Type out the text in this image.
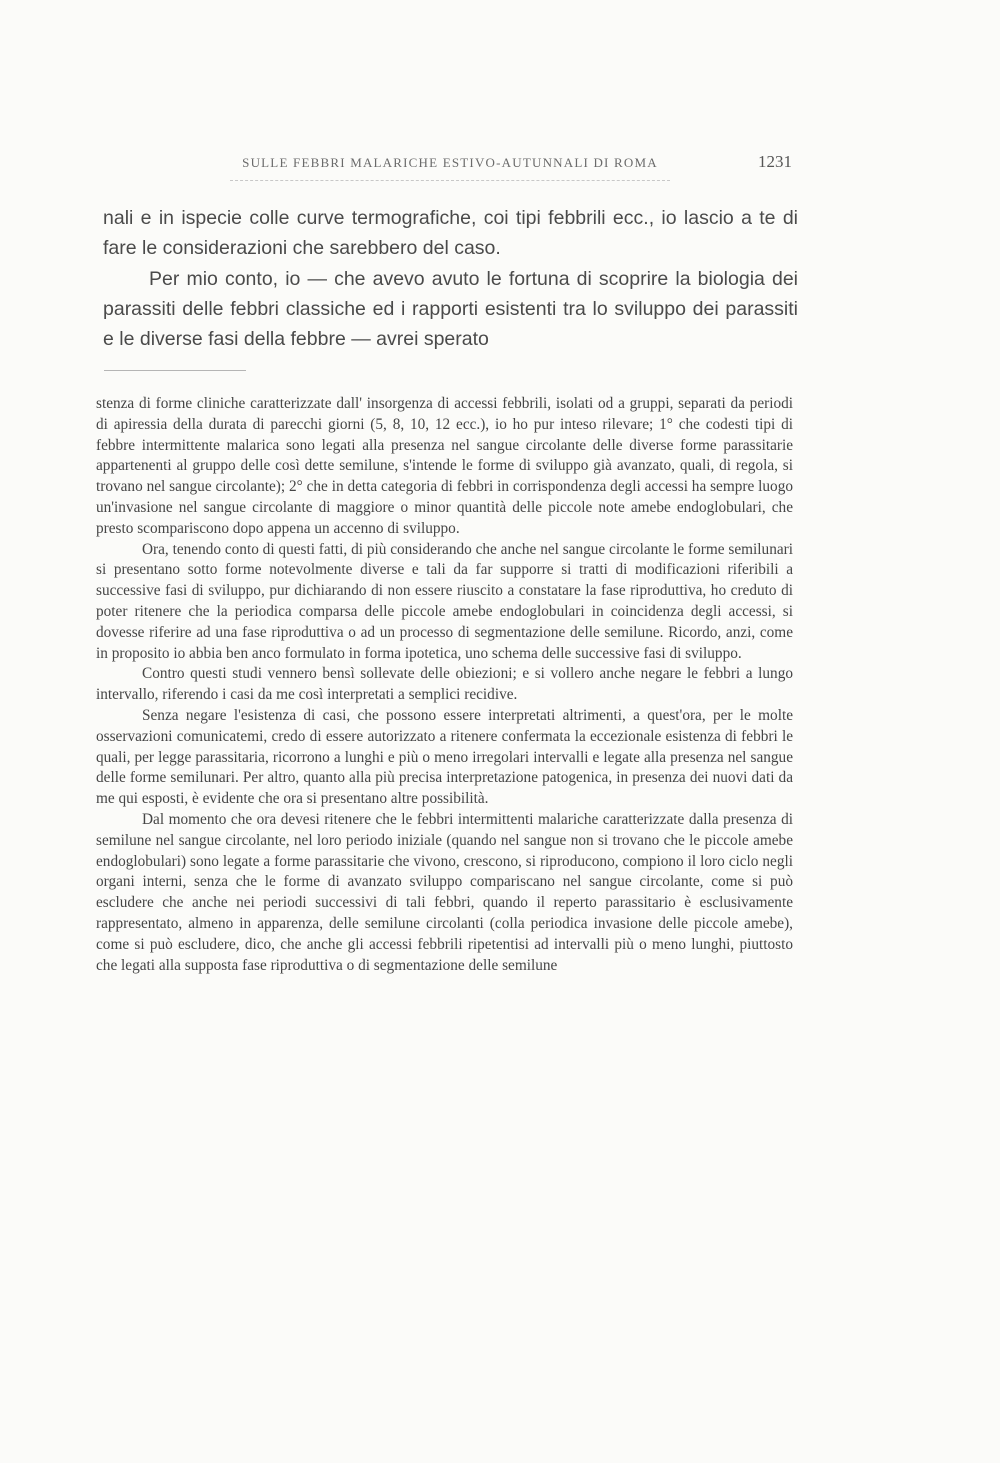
SULLE FEBBRI MALARICHE ESTIVO-AUTUNNALI DI ROMA	1231

nali e in ispecie colle curve termografiche, coi tipi febbrili ecc., io lascio a te di fare le considerazioni che sarebbero del caso.

Per mio conto, io — che avevo avuto le fortuna di scoprire la biologia dei parassiti delle febbri classiche ed i rapporti esistenti tra lo sviluppo dei parassiti e le diverse fasi della febbre — avrei sperato

stenza di forme cliniche caratterizzate dall' insorgenza di accessi febbrili, isolati od a gruppi, separati da periodi di apiressia della durata di parecchi giorni (5, 8, 10, 12 ecc.), io ho pur inteso rilevare; 1° che codesti tipi di febbre intermittente malarica sono legati alla presenza nel sangue circolante delle diverse forme parassitarie appartenenti al gruppo delle così dette semilune, s'intende le forme di sviluppo già avanzato, quali, di regola, si trovano nel sangue circolante); 2° che in detta categoria di febbri in corrispondenza degli accessi ha sempre luogo un'invasione nel sangue circolante di maggiore o minor quantità delle piccole note amebe endoglobulari, che presto scompariscono dopo appena un accenno di sviluppo.

Ora, tenendo conto di questi fatti, di più considerando che anche nel sangue circolante le forme semilunari si presentano sotto forme notevolmente diverse e tali da far supporre si tratti di modificazioni riferibili a successive fasi di sviluppo, pur dichiarando di non essere riuscito a constatare la fase riproduttiva, ho creduto di poter ritenere che la periodica comparsa delle piccole amebe endoglobulari in coincidenza degli accessi, si dovesse riferire ad una fase riproduttiva o ad un processo di segmentazione delle semilune. Ricordo, anzi, come in proposito io abbia ben anco formulato in forma ipotetica, uno schema delle successive fasi di sviluppo.

Contro questi studi vennero bensì sollevate delle obiezioni; e si vollero anche negare le febbri a lungo intervallo, riferendo i casi da me così interpretati a semplici recidive.

Senza negare l'esistenza di casi, che possono essere interpretati altrimenti, a quest'ora, per le molte osservazioni comunicatemi, credo di essere autorizzato a ritenere confermata la eccezionale esistenza di febbri le quali, per legge parassitaria, ricorrono a lunghi e più o meno irregolari intervalli e legate alla presenza nel sangue delle forme semilunari. Per altro, quanto alla più precisa interpretazione patogenica, in presenza dei nuovi dati da me qui esposti, è evidente che ora si presentano altre possibilità.

Dal momento che ora devesi ritenere che le febbri intermittenti malariche caratterizzate dalla presenza di semilune nel sangue circolante, nel loro periodo iniziale (quando nel sangue non si trovano che le piccole amebe endoglobulari) sono legate a forme parassitarie che vivono, crescono, si riproducono, compiono il loro ciclo negli organi interni, senza che le forme di avanzato sviluppo compariscano nel sangue circolante, come si può escludere che anche nei periodi successivi di tali febbri, quando il reperto parassitario è esclusivamente rappresentato, almeno in apparenza, delle semilune circolanti (colla periodica invasione delle piccole amebe), come si può escludere, dico, che anche gli accessi febbrili ripetentisi ad intervalli più o meno lunghi, piuttosto che legati alla supposta fase riproduttiva o di segmentazione delle semilune
